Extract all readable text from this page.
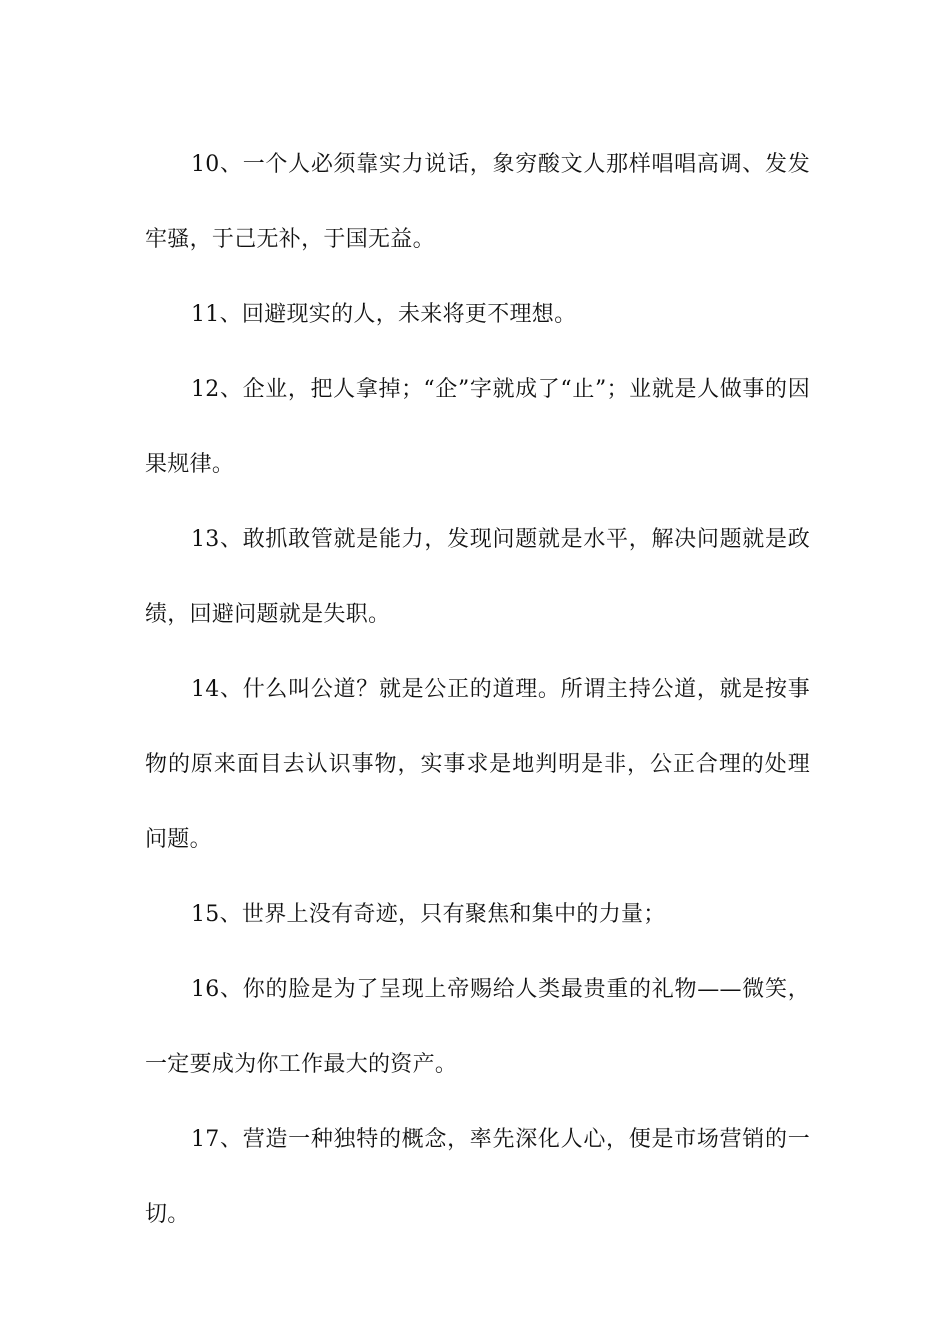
10、一个人必须靠实力说话，象穷酸文人那样唱唱高调、发发  牢骚，于己无补，于国无益。

11、回避现实的人，未来将更不理想。

12、企业，把人拿掉；“企”字就成了“止”；业就是人做事的因果规律。

13、敢抓敢管就是能力，发现问题就是水平，解决问题就是政绩，回避问题就是失职。

14、什么叫公道？就是公正的道理。所谓主持公道，就是按事物的原来面目去认识事物，实事求是地判明是非，公正合理的处理问题。

15、世界上没有奇迹，只有聚焦和集中的力量；

16、你的脸是为了呈现上帝赐给人类最贵重的礼物——微笑，一定要成为你工作最大的资产。

17、营造一种独特的概念，率先深化人心，便是市场营销的一切。
